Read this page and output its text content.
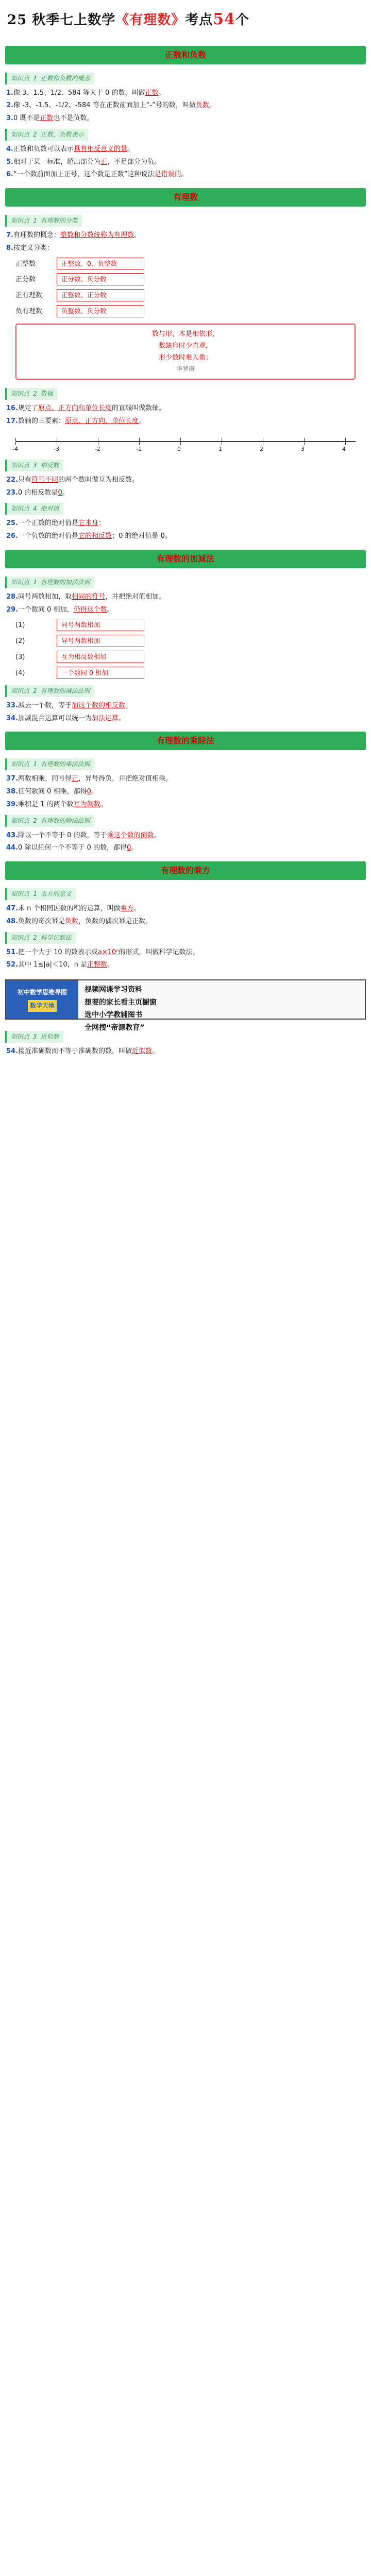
25 秋季七上数学《有理数》考点54个
正数和负数
知识点 1 正数和负数的概念
1.像 3、1.5、1/2、584 等大于 0 的数，叫做正数。
2.像 -3、-1.5、-1/2、-584 等在正数前面加上“-”号的数，叫做负数。
3.0 既不是正数也不是负数。
知识点 2 正数、负数表示
4.正数和负数可以表示具有相反意义的量。
5.相对于某一标准，超出部分为正，不足部分为负。
6.“一个数前面加上正号，这个数是正数”这种说法是错误的。
有理数
知识点 1 有理数的分类
7.有理数的概念：整数和分数统称为有理数。
8.按定义分类：
正整数	正整数、0、负整数
正分数	正分数、负分数
正有理数	正整数、正分数
负有理数	负整数、负分数
数与形，本是相依形，
数缺形时少直观，
形少数时难入微；
华罗庚
知识点 2 数轴
16.规定了原点、正方向和单位长度的直线叫做数轴。
17.数轴的三要素：原点、正方向、单位长度。
-4	-3	-2	-1	0	1	2	3	4
知识点 3 相反数
22.只有符号不同的两个数叫做互为相反数。
23.0 的相反数是0。
知识点 4 绝对值
25.一个正数的绝对值是它本身；
26.一个负数的绝对值是它的相反数；0 的绝对值是 0。
有理数的加减法
知识点 1 有理数的加法法则
28.同号两数相加，取相同的符号，并把绝对值相加。
29.一个数同 0 相加，仍得这个数。
(1)	同号两数相加
(2)	异号两数相加
(3)	互为相反数相加
(4)	一个数同 0 相加
知识点 2 有理数的减法法则
33.减去一个数，等于加这个数的相反数。
34.加减混合运算可以统一为加法运算。
有理数的乘除法
知识点 1 有理数的乘法法则
37.两数相乘，同号得正，异号得负，并把绝对值相乘。
38.任何数同 0 相乘，都得0。
39.乘积是 1 的两个数互为倒数。
知识点 2 有理数的除法法则
43.除以一个不等于 0 的数，等于乘这个数的倒数。
44.0 除以任何一个不等于 0 的数，都得0。
有理数的乘方
知识点 1 乘方的意义
47.求 n 个相同因数的积的运算，叫做乘方。
48.负数的奇次幂是负数，负数的偶次幂是正数。
知识点 2 科学记数法
51.把一个大于 10 的数表示成a×10ⁿ的形式，叫做科学记数法。
52.其中 1≤|a|＜10，n 是正整数。
初中数学思维导图
数学天地
视频网课学习资料
想要的家长看主页橱窗
选中小学教辅图书
全网搜“帝源教育”
知识点 3 近似数
54.接近准确数而不等于准确数的数，叫做近似数。
